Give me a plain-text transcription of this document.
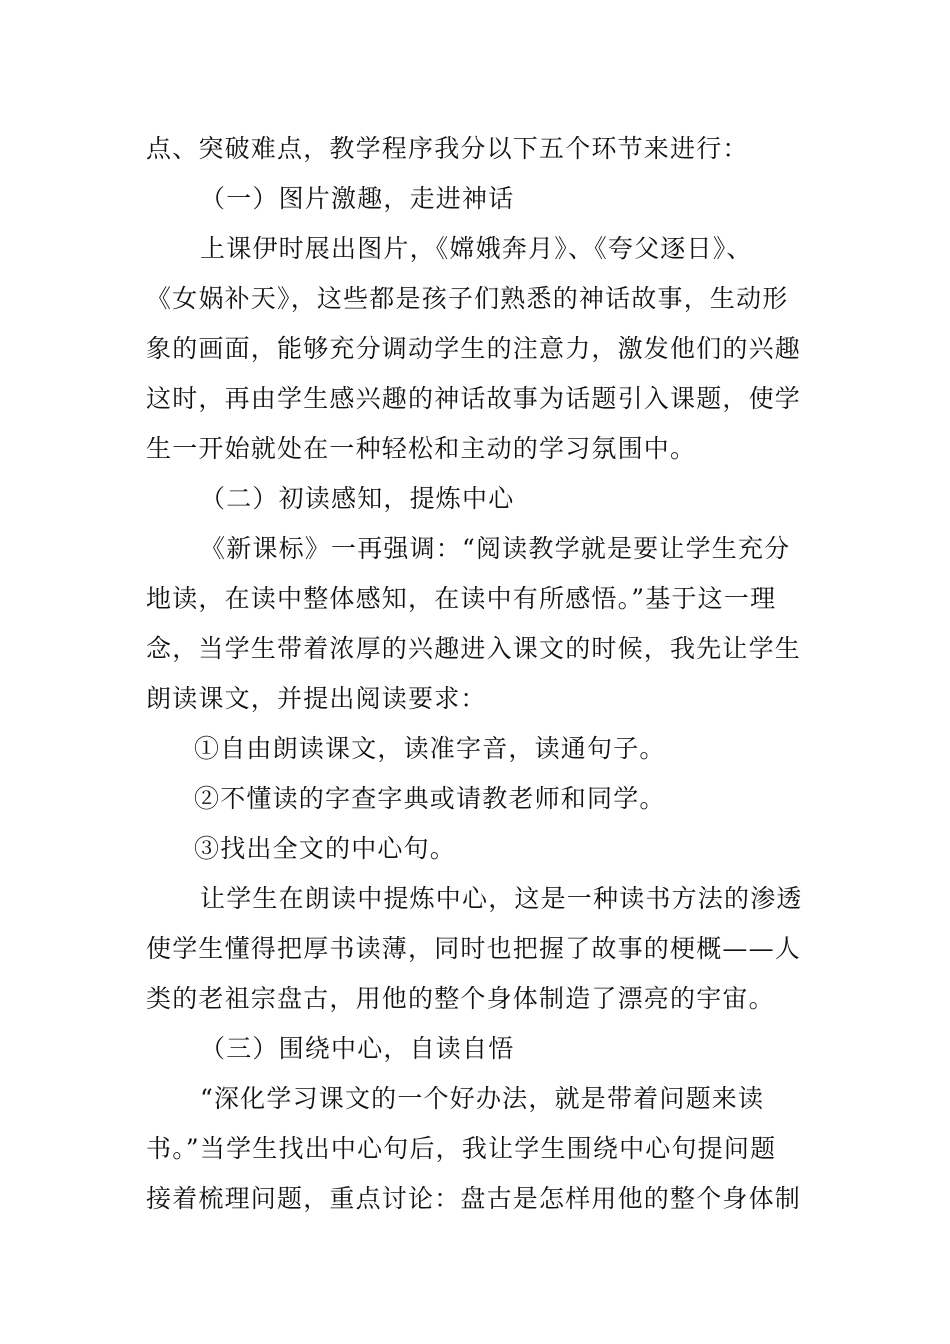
点、突破难点，教学程序我分以下五个环节来进行：
（一）图片激趣，走进神话
上课伊时展出图片，《嫦娥奔月》、《夸父逐日》、
《女娲补天》，这些都是孩子们熟悉的神话故事，生动形
象的画面，能够充分调动学生的注意力，激发他们的兴趣
这时，再由学生感兴趣的神话故事为话题引入课题，使学
生一开始就处在一种轻松和主动的学习氛围中。
（二）初读感知，提炼中心
《新课标》一再强调：“阅读教学就是要让学生充分
地读，在读中整体感知，在读中有所感悟。”基于这一理
念，当学生带着浓厚的兴趣进入课文的时候，我先让学生
朗读课文，并提出阅读要求：
①自由朗读课文，读准字音，读通句子。
②不懂读的字查字典或请教老师和同学。
③找出全文的中心句。
让学生在朗读中提炼中心，这是一种读书方法的渗透
使学生懂得把厚书读薄，同时也把握了故事的梗概——人
类的老祖宗盘古，用他的整个身体制造了漂亮的宇宙。
（三）围绕中心，自读自悟
“深化学习课文的一个好办法，就是带着问题来读
书。”当学生找出中心句后，我让学生围绕中心句提问题
接着梳理问题，重点讨论：盘古是怎样用他的整个身体制
